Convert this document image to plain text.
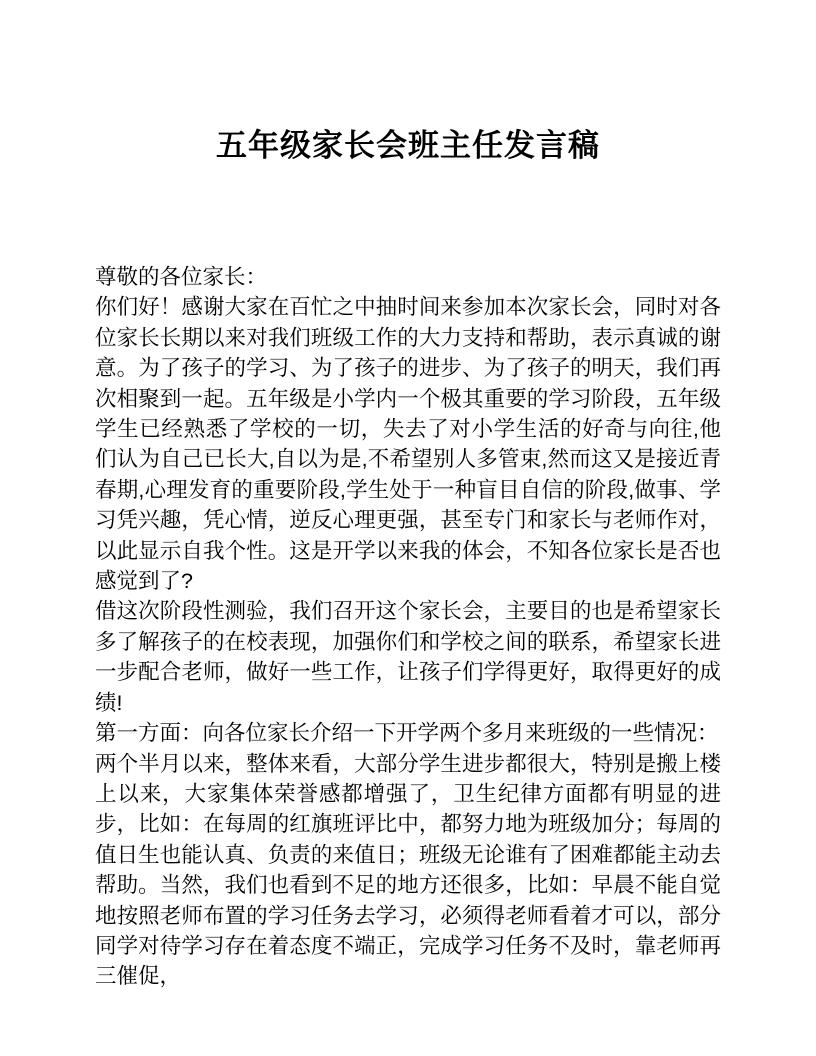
五年级家长会班主任发言稿

尊敬的各位家长：

你们好！感谢大家在百忙之中抽时间来参加本次家长会，同时对各位家长长期以来对我们班级工作的大力支持和帮助，表示真诚的谢意。为了孩子的学习、为了孩子的进步、为了孩子的明天，我们再次相聚到一起。五年级是小学内一个极其重要的学习阶段，五年级学生已经熟悉了学校的一切，失去了对小学生活的好奇与向往,他们认为自己已长大,自以为是,不希望别人多管束,然而这又是接近青春期,心理发育的重要阶段,学生处于一种盲目自信的阶段,做事、学习凭兴趣，凭心情，逆反心理更强，甚至专门和家长与老师作对，以此显示自我个性。这是开学以来我的体会，不知各位家长是否也感觉到了?

借这次阶段性测验，我们召开这个家长会，主要目的也是希望家长多了解孩子的在校表现，加强你们和学校之间的联系，希望家长进一步配合老师，做好一些工作，让孩子们学得更好，取得更好的成绩!

第一方面：向各位家长介绍一下开学两个多月来班级的一些情况：

两个半月以来，整体来看，大部分学生进步都很大，特别是搬上楼上以来，大家集体荣誉感都增强了，卫生纪律方面都有明显的进步，比如：在每周的红旗班评比中，都努力地为班级加分；每周的值日生也能认真、负责的来值日；班级无论谁有了困难都能主动去帮助。当然，我们也看到不足的地方还很多，比如：早晨不能自觉地按照老师布置的学习任务去学习，必须得老师看着才可以，部分同学对待学习存在着态度不端正，完成学习任务不及时，靠老师再三催促，
